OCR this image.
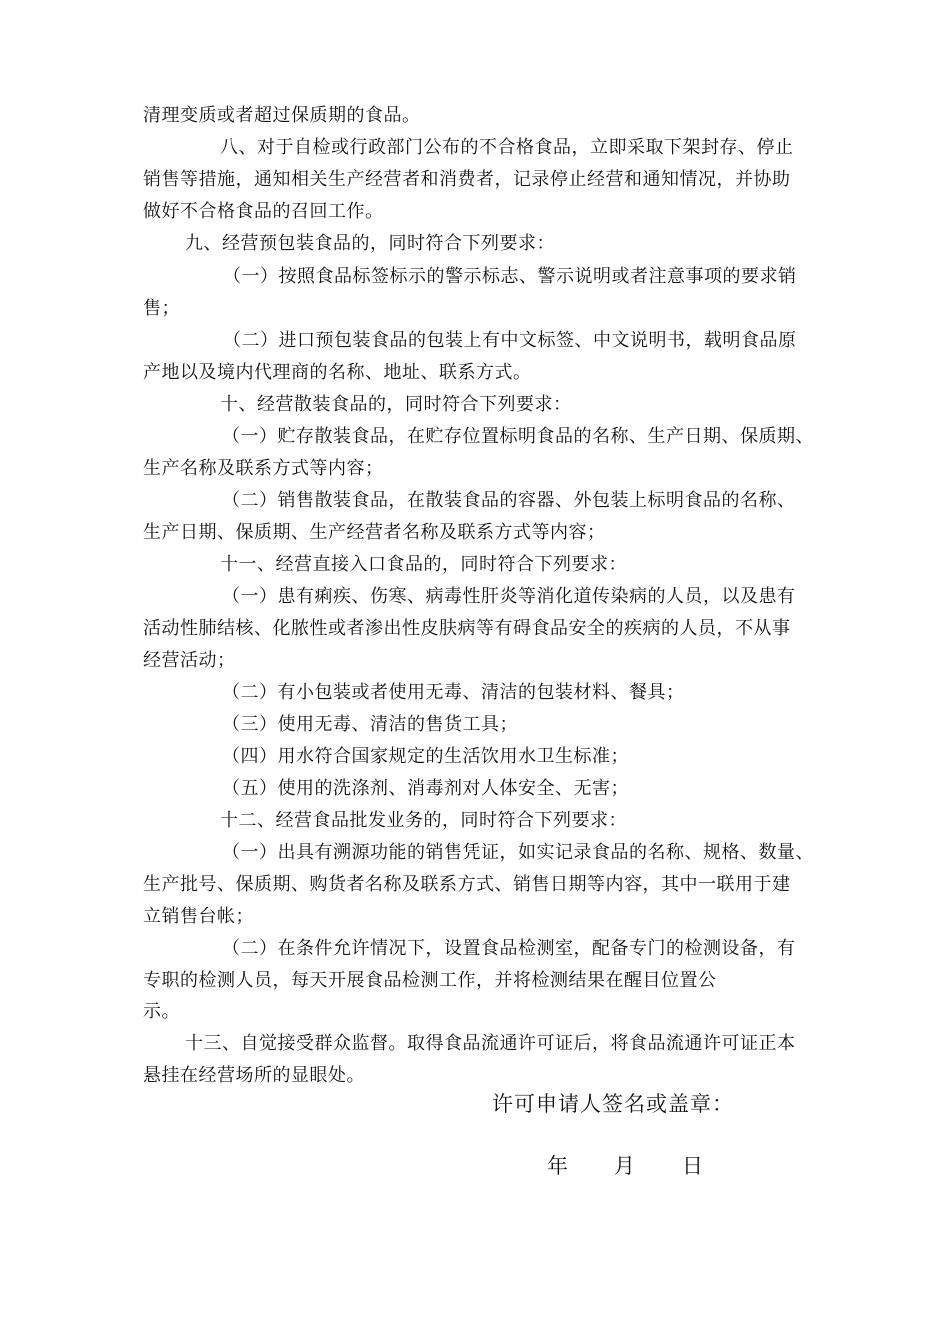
清理变质或者超过保质期的食品。
八、对于自检或行政部门公布的不合格食品，立即采取下架封存、停止
销售等措施，通知相关生产经营者和消费者，记录停止经营和通知情况，并协助
做好不合格食品的召回工作。
九、经营预包装食品的，同时符合下列要求：
（一）按照食品标签标示的警示标志、警示说明或者注意事项的要求销
售；
（二）进口预包装食品的包装上有中文标签、中文说明书，载明食品原
产地以及境内代理商的名称、地址、联系方式。
十、经营散装食品的，同时符合下列要求：
（一）贮存散装食品，在贮存位置标明食品的名称、生产日期、保质期、
生产名称及联系方式等内容；
（二）销售散装食品，在散装食品的容器、外包装上标明食品的名称、
生产日期、保质期、生产经营者名称及联系方式等内容；
十一、经营直接入口食品的，同时符合下列要求：
（一）患有痢疾、伤寒、病毒性肝炎等消化道传染病的人员，以及患有
活动性肺结核、化脓性或者渗出性皮肤病等有碍食品安全的疾病的人员，不从事
经营活动；
（二）有小包装或者使用无毒、清洁的包装材料、餐具；
（三）使用无毒、清洁的售货工具；
（四）用水符合国家规定的生活饮用水卫生标准；
（五）使用的洗涤剂、消毒剂对人体安全、无害；
十二、经营食品批发业务的，同时符合下列要求：
（一）出具有溯源功能的销售凭证，如实记录食品的名称、规格、数量、
生产批号、保质期、购货者名称及联系方式、销售日期等内容，其中一联用于建
立销售台帐；
（二）在条件允许情况下，设置食品检测室，配备专门的检测设备，有
专职的检测人员，每天开展食品检测工作，并将检测结果在醒目位置公
示。
十三、自觉接受群众监督。取得食品流通许可证后，将食品流通许可证正本
悬挂在经营场所的显眼处。
许可申请人签名或盖章：
年 月 日
